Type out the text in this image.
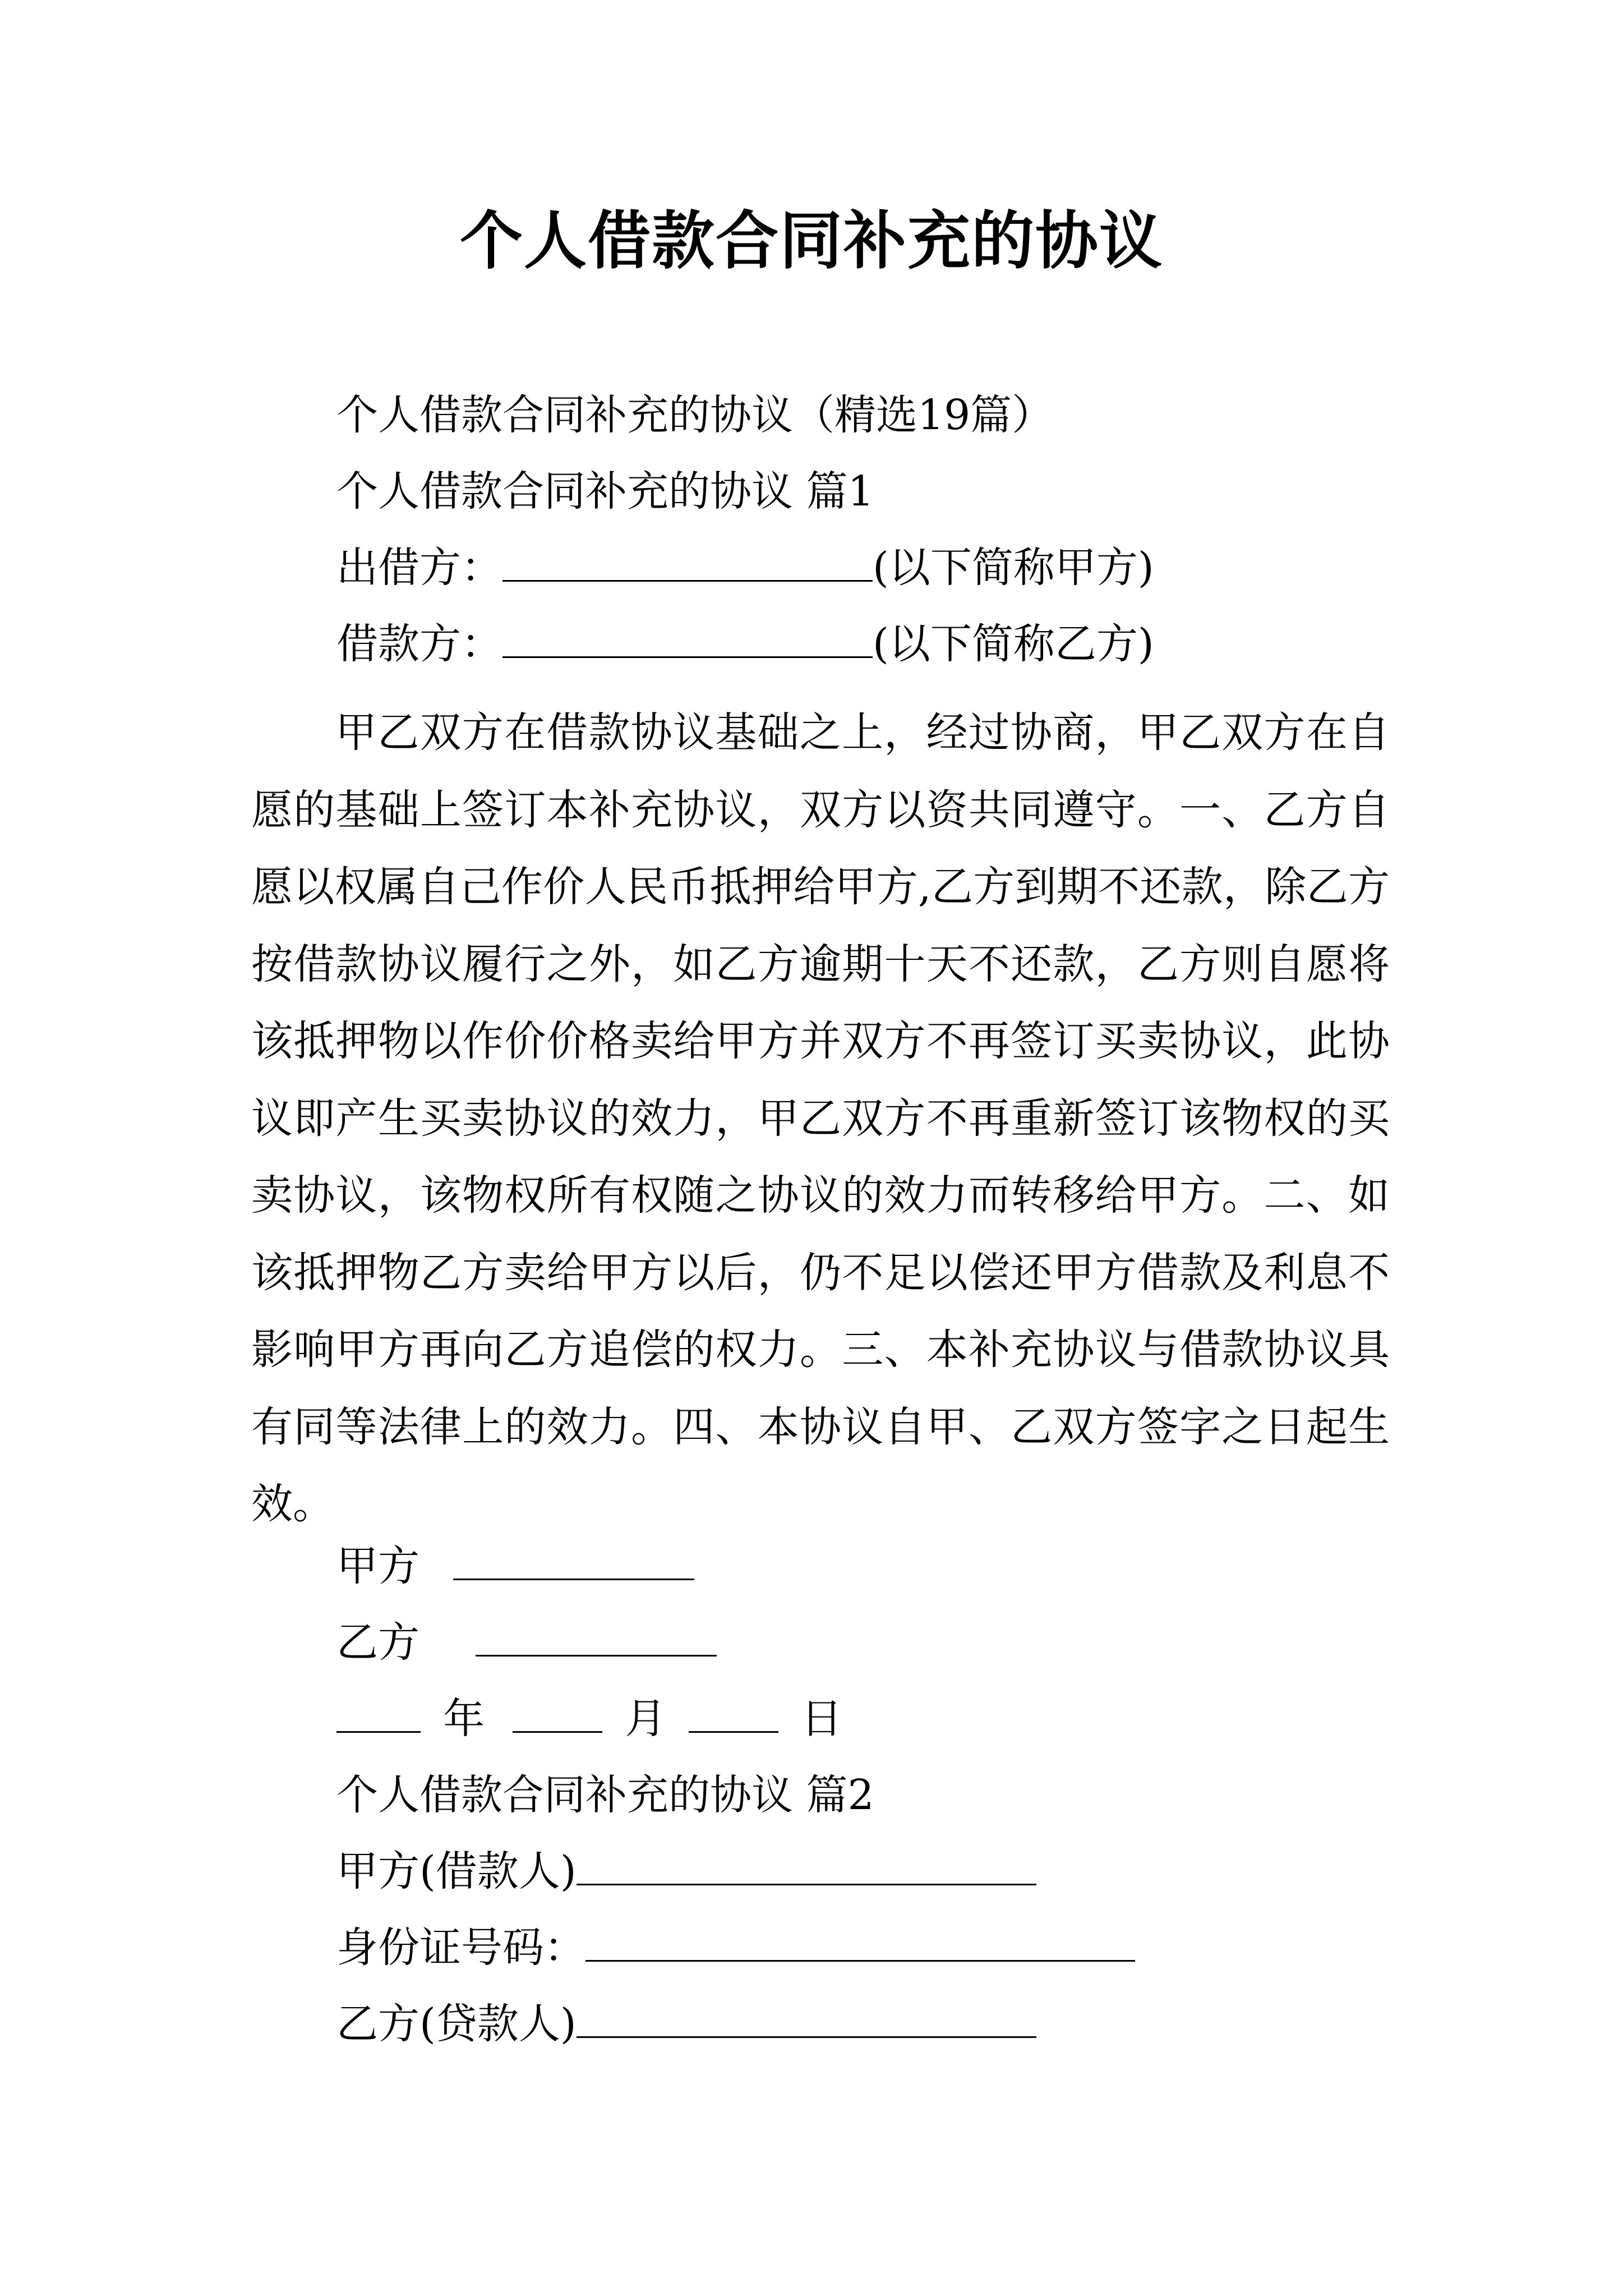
个人借款合同补充的协议
个人借款合同补充的协议（精选19篇）
个人借款合同补充的协议 篇1
出借方：	(以下简称甲方)
借款方：	(以下简称乙方)
甲乙双方在借款协议基础之上，经过协商，甲乙双方在自愿的基础上签订本补充协议，双方以资共同遵守。一、乙方自愿以权属自己作价人民币抵押给甲方,乙方到期不还款，除乙方按借款协议履行之外，如乙方逾期十天不还款，乙方则自愿将该抵押物以作价价格卖给甲方并双方不再签订买卖协议，此协议即产生买卖协议的效力，甲乙双方不再重新签订该物权的买卖协议，该物权所有权随之协议的效力而转移给甲方。二、如该抵押物乙方卖给甲方以后，仍不足以偿还甲方借款及利息不影响甲方再向乙方追偿的权力。三、本补充协议与借款协议具有同等法律上的效力。四、本协议自甲、乙双方签字之日起生效。
甲方
乙方
年	月	日
个人借款合同补充的协议 篇2
甲方(借款人)
身份证号码：
乙方(贷款人)
